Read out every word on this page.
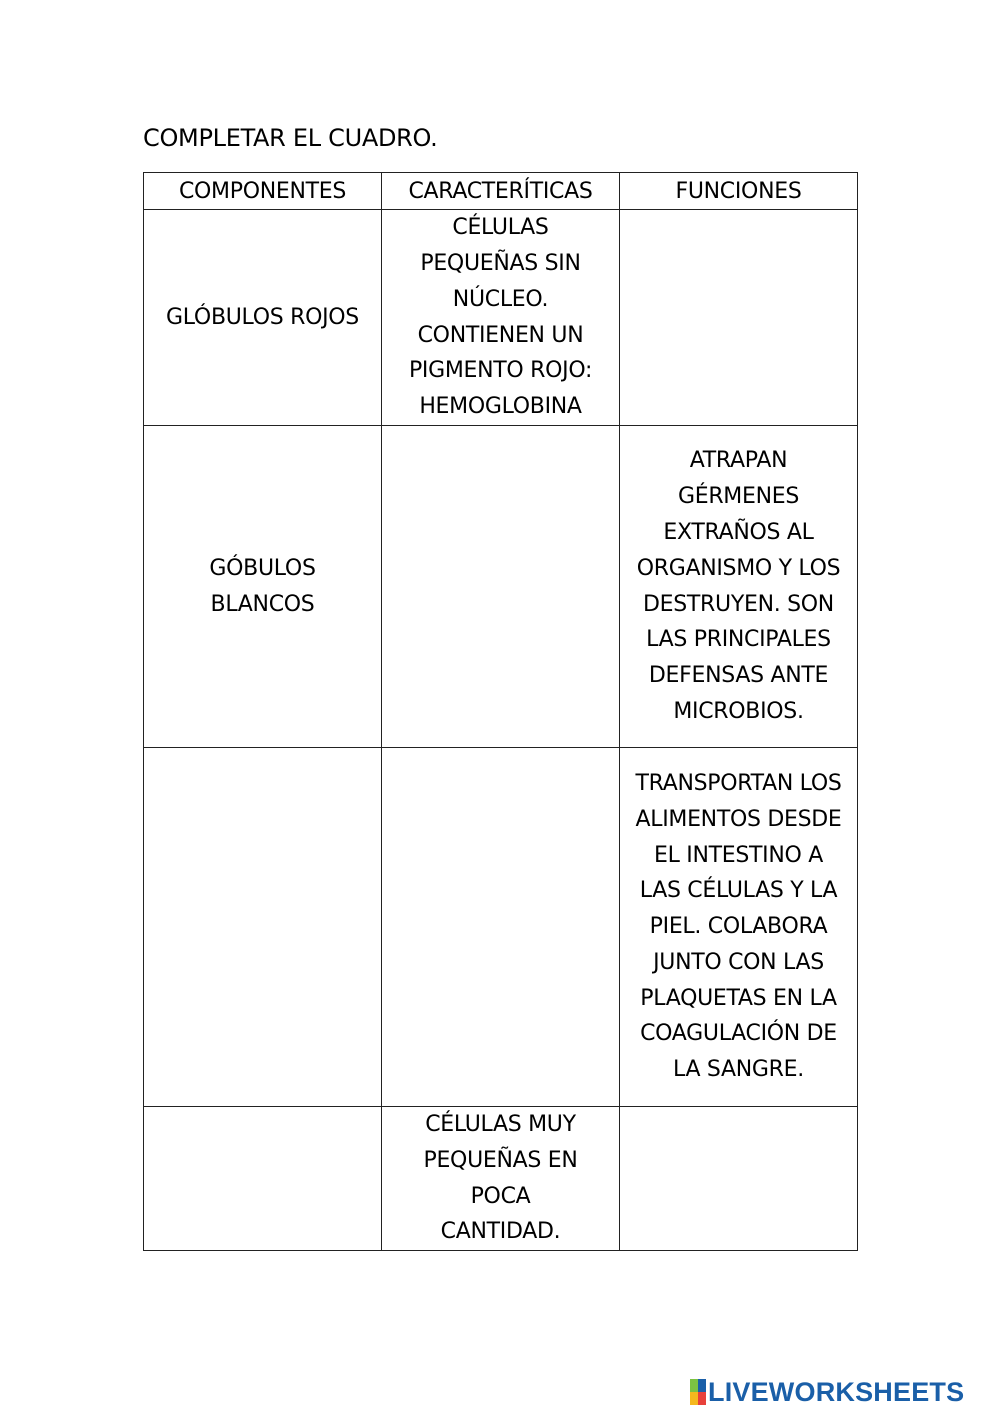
COMPLETAR EL CUADRO.
COMPONENTES	CARACTERÍTICAS	FUNCIONES

GLÓBULOS ROJOS	CÉLULAS PEQUEÑAS SIN NÚCLEO. CONTIENEN UN PIGMENTO ROJO: HEMOGLOBINA	

GÓBULOS BLANCOS		ATRAPAN GÉRMENES EXTRAÑOS AL ORGANISMO Y LOS DESTRUYEN. SON LAS PRINCIPALES DEFENSAS ANTE MICROBIOS.

		TRANSPORTAN LOS ALIMENTOS DESDE EL INTESTINO A LAS CÉLULAS Y LA PIEL. COLABORA JUNTO CON LAS PLAQUETAS EN LA COAGULACIÓN DE LA SANGRE.

	CÉLULAS MUY PEQUEÑAS EN POCA CANTIDAD.	

LIVEWORKSHEETS
